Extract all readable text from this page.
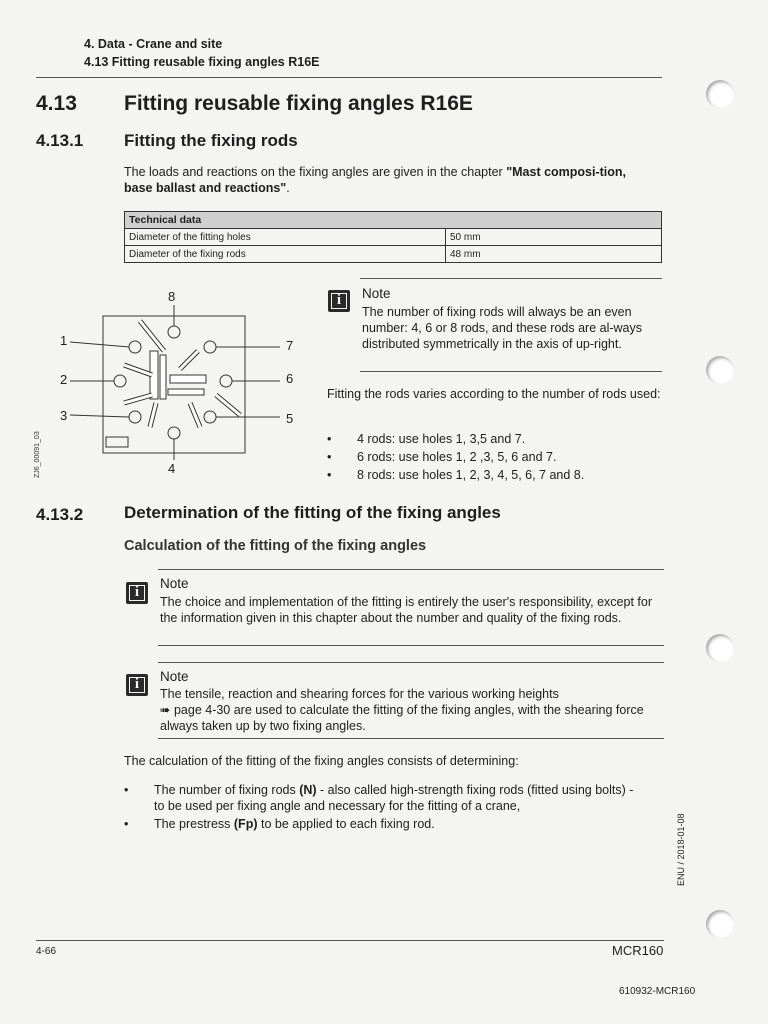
4. Data - Crane and site
4.13 Fitting reusable fixing angles R16E
4.13 Fitting reusable fixing angles R16E
4.13.1 Fitting the fixing rods
The loads and reactions on the fixing angles are given in the chapter "Mast composi-tion, base ballast and reactions".
Technical data	
Diameter of the fitting holes	50 mm
Diameter of the fixing rods	48 mm
8
4
1
2
3
7
6
5
ZJ6_00091_03
i	Note
The number of fixing rods will always be an even number: 4, 6 or 8 rods, and these rods are al-ways distributed symmetrically in the axis of up-right.
Fitting the rods varies according to the number of rods used:
• 4 rods: use holes 1, 3,5 and 7.
• 6 rods: use holes 1, 2 ,3, 5, 6 and 7.
• 8 rods: use holes 1, 2, 3, 4, 5, 6, 7 and 8.
4.13.2 Determination of the fitting of the fixing angles
Calculation of the fitting of the fixing angles
i
Note
The choice and implementation of the fitting is entirely the user's responsibility, except for the information given in this chapter about the number and quality of the fixing rods.
i	Note
The tensile, reaction and shearing forces for the various working heights
➠ page 4-30 are used to calculate the fitting of the fixing angles, with the shearing force always taken up by two fixing angles.
The calculation of the fitting of the fixing angles consists of determining:
• The number of fixing rods (N) - also called high-strength fixing rods (fitted using bolts) - to be used per fixing angle and necessary for the fitting of a crane,
• The prestress (Fp) to be applied to each fixing rod.	ENU / 2018-01-08
4-66	MCR160
610932-MCR160
